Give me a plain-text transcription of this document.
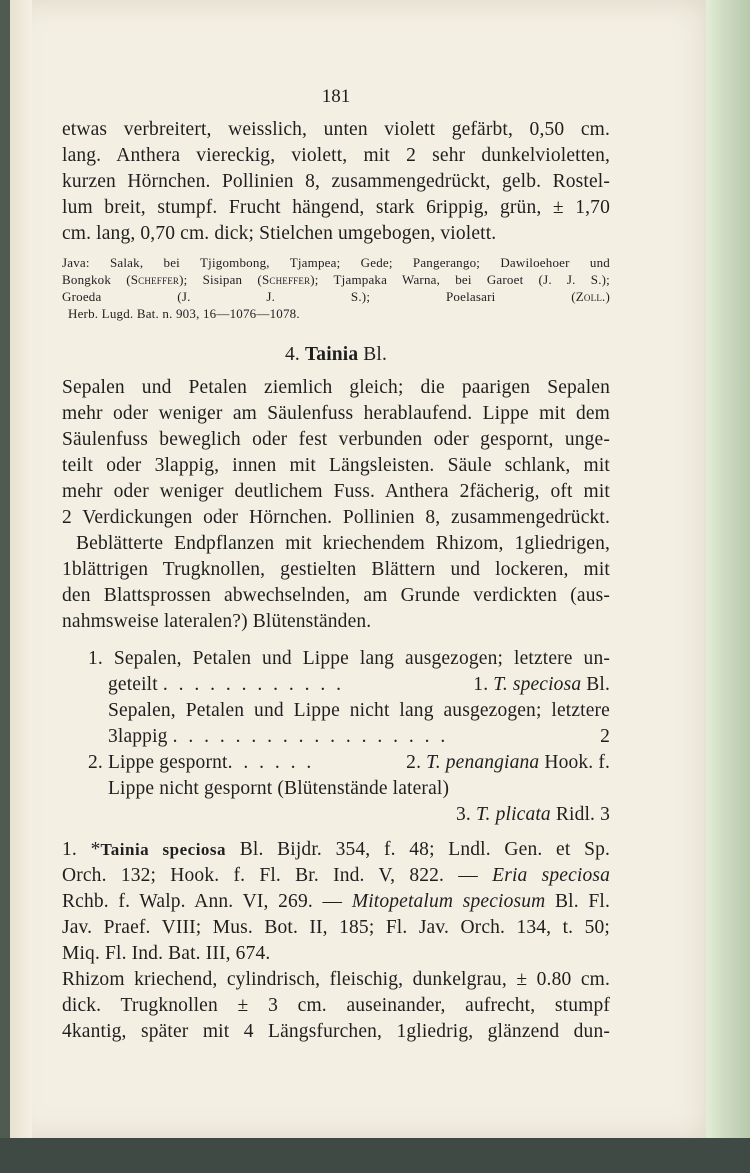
181
etwas verbreitert, weisslich, unten violett gefärbt, 0,50 cm.
lang. Anthera viereckig, violett, mit 2 sehr dunkelvioletten,
kurzen Hörnchen. Pollinien 8, zusammengedrückt, gelb. Rostel-
lum breit, stumpf. Frucht hängend, stark 6rippig, grün, ± 1,70
cm. lang, 0,70 cm. dick; Stielchen umgebogen, violett.
Java: Salak, bei Tjigombong, Tjampea; Gede; Pangerango; Dawiloehoer und
Bongkok (Scheffer); Sisipan (Scheffer); Tjampaka Warna, bei Garoet (J. J. S.);
Groeda (J. J. S.); Poelasari (Zoll.)
Herb. Lugd. Bat. n. 903, 16—1076—1078.
4. Tainia Bl.
Sepalen und Petalen ziemlich gleich; die paarigen Sepalen
mehr oder weniger am Säulenfuss herablaufend. Lippe mit dem
Säulenfuss beweglich oder fest verbunden oder gespornt, unge-
teilt oder 3lappig, innen mit Längsleisten. Säule schlank, mit
mehr oder weniger deutlichem Fuss. Anthera 2fächerig, oft mit
2 Verdickungen oder Hörnchen. Pollinien 8, zusammengedrückt.
Beblätterte Endpflanzen mit kriechendem Rhizom, 1gliedrigen,
1blättrigen Trugknollen, gestielten Blättern und lockeren, mit
den Blattsprossen abwechselnden, am Grunde verdickten (aus-
nahmsweise lateralen?) Blütenständen.
1. Sepalen, Petalen und Lippe lang ausgezogen; letztere un-
geteilt . . . . . . . . . . . .	1. T. speciosa Bl.
Sepalen, Petalen und Lippe nicht lang ausgezogen; letztere
3lappig . . . . . . . . . . . . . . . . . .	2
2. Lippe gespornt. . . . . .	2. T. penangiana Hook. f.
Lippe nicht gespornt (Blütenstände lateral)
3. T. plicata Ridl. 3
1. *Tainia speciosa Bl. Bijdr. 354, f. 48; Lndl. Gen. et Sp.
Orch. 132; Hook. f. Fl. Br. Ind. V, 822. — Eria speciosa
Rchb. f. Walp. Ann. VI, 269. — Mitopetalum speciosum Bl. Fl.
Jav. Praef. VIII; Mus. Bot. II, 185; Fl. Jav. Orch. 134, t. 50;
Miq. Fl. Ind. Bat. III, 674.
Rhizom kriechend, cylindrisch, fleischig, dunkelgrau, ± 0.80 cm.
dick. Trugknollen ± 3 cm. auseinander, aufrecht, stumpf
4kantig, später mit 4 Längsfurchen, 1gliedrig, glänzend dun-
